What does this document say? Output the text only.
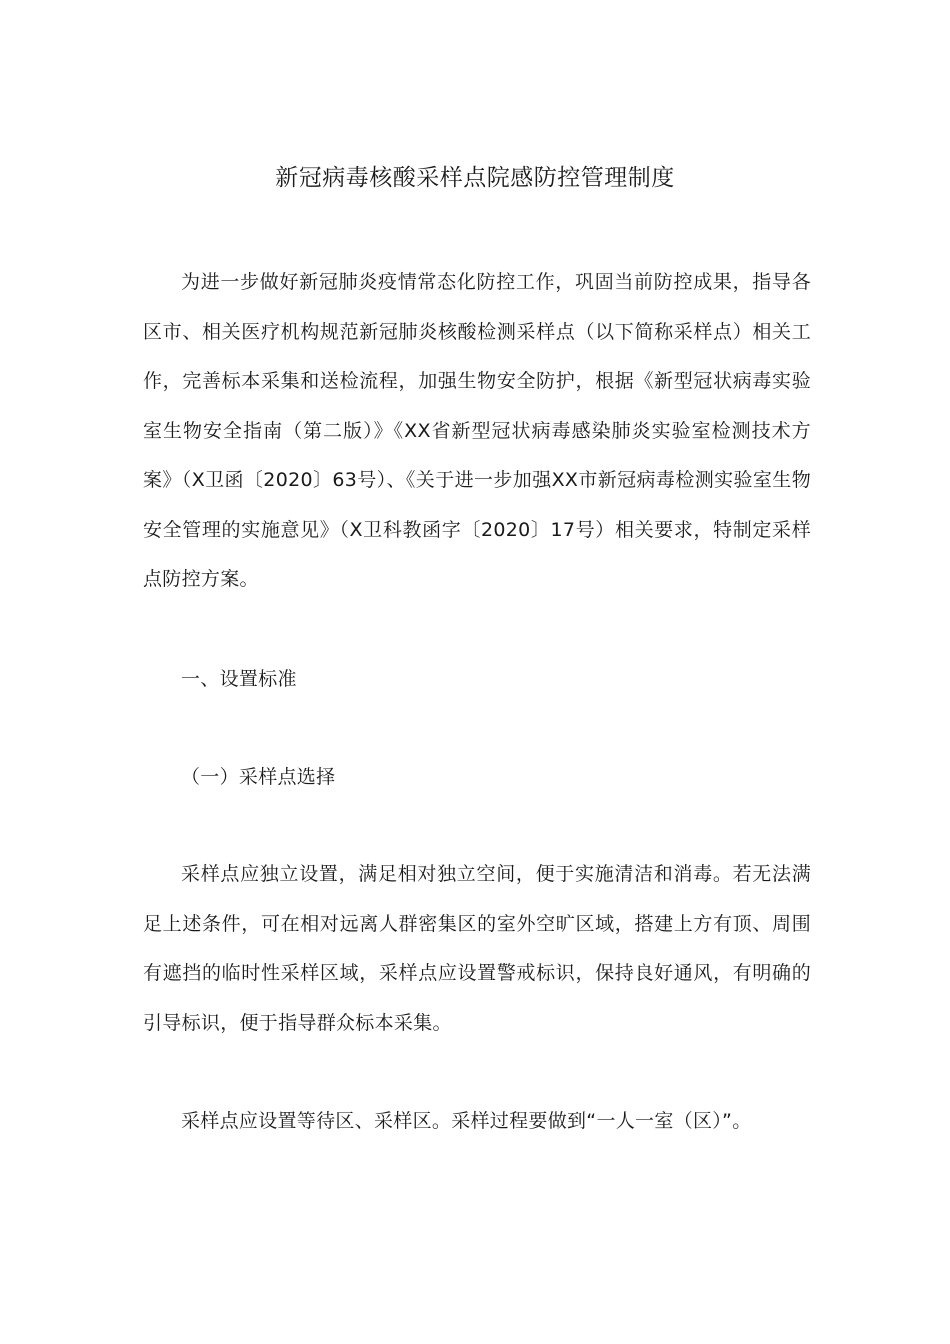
新冠病毒核酸采样点院感防控管理制度

为进一步做好新冠肺炎疫情常态化防控工作，巩固当前防控成果，指导各区市、相关医疗机构规范新冠肺炎核酸检测采样点（以下简称采样点）相关工作，完善标本采集和送检流程，加强生物安全防护，根据《新型冠状病毒实验室生物安全指南（第二版）》《XX省新型冠状病毒感染肺炎实验室检测技术方案》（X卫函〔2020〕63号）、《关于进一步加强XX市新冠病毒检测实验室生物安全管理的实施意见》（X卫科教函字〔2020〕17号）相关要求，特制定采样点防控方案。

一、设置标准
（一）采样点选择

采样点应独立设置，满足相对独立空间，便于实施清洁和消毒。若无法满足上述条件，可在相对远离人群密集区的室外空旷区域，搭建上方有顶、周围有遮挡的临时性采样区域，采样点应设置警戒标识，保持良好通风，有明确的引导标识，便于指导群众标本采集。

采样点应设置等待区、采样区。采样过程要做到“一人一室（区）”。
